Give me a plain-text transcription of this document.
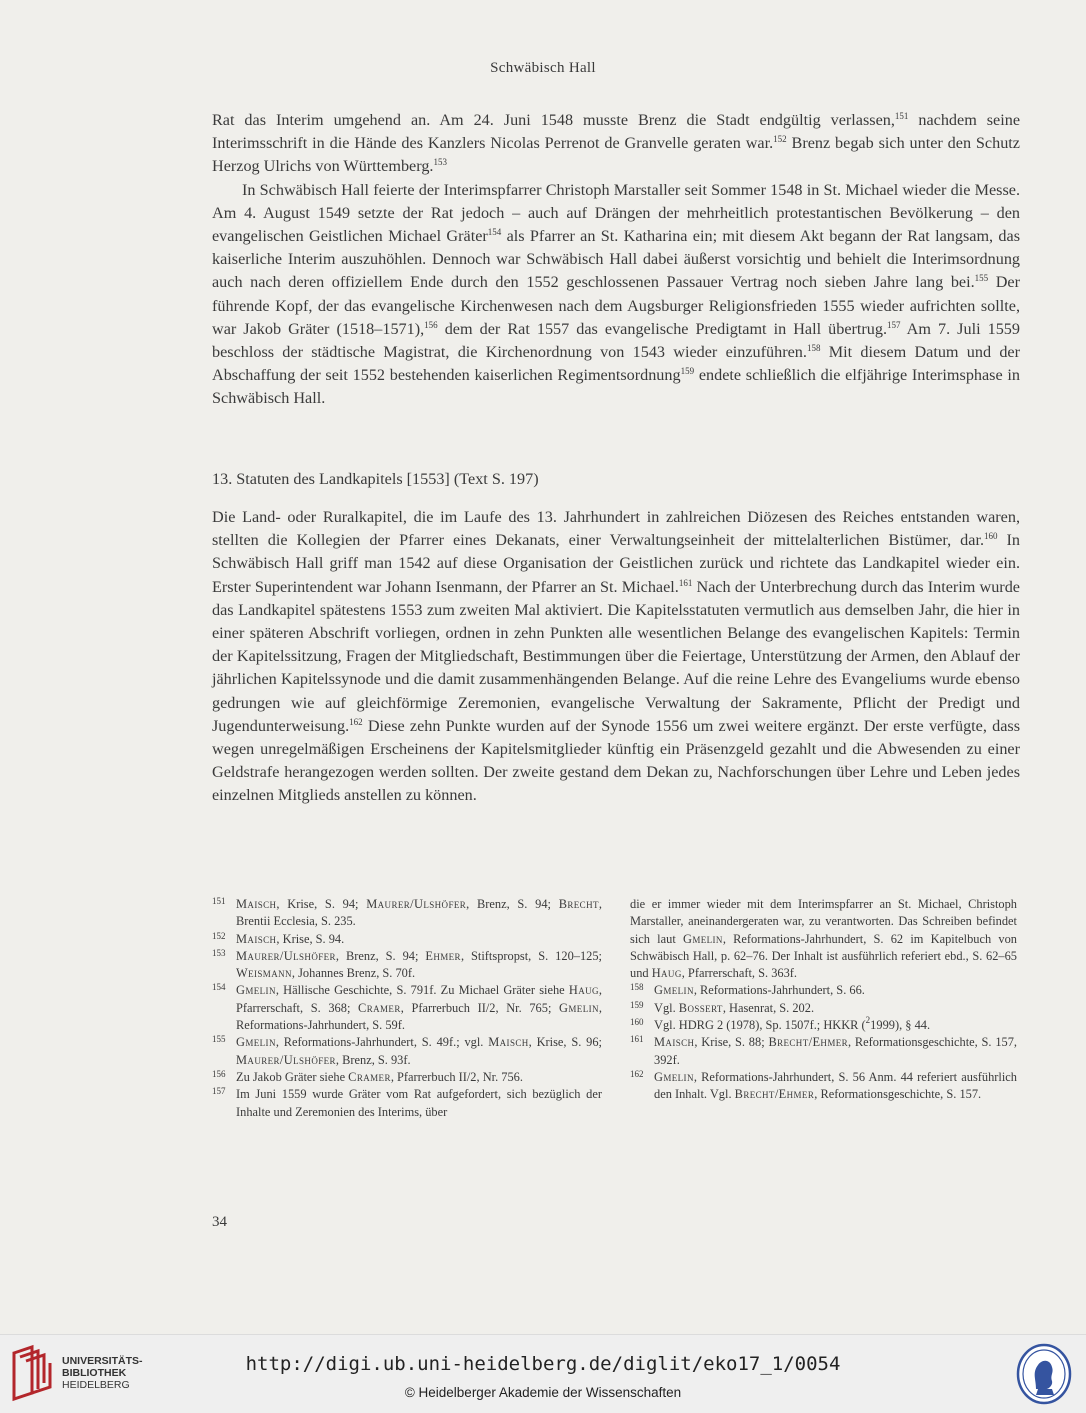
Schwäbisch Hall

Rat das Interim umgehend an. Am 24. Juni 1548 musste Brenz die Stadt endgültig verlassen,$^{151}$ nachdem seine Interimsschrift in die Hände des Kanzlers Nicolas Perrenot de Granvelle geraten war.$^{152}$ Brenz begab sich unter den Schutz Herzog Ulrichs von Württemberg.$^{153}$

In Schwäbisch Hall feierte der Interimspfarrer Christoph Marstaller seit Sommer 1548 in St. Michael wieder die Messe. Am 4. August 1549 setzte der Rat jedoch – auch auf Drängen der mehrheitlich protestantischen Bevölkerung – den evangelischen Geistlichen Michael Gräter$^{154}$ als Pfarrer an St. Katharina ein; mit diesem Akt begann der Rat langsam, das kaiserliche Interim auszuhöhlen. Dennoch war Schwäbisch Hall dabei äußerst vorsichtig und behielt die Interimsordnung auch nach deren offiziellem Ende durch den 1552 geschlossenen Passauer Vertrag noch sieben Jahre lang bei.$^{155}$ Der führende Kopf, der das evangelische Kirchenwesen nach dem Augsburger Religionsfrieden 1555 wieder aufrichten sollte, war Jakob Gräter (1518–1571),$^{156}$ dem der Rat 1557 das evangelische Predigtamt in Hall übertrug.$^{157}$ Am 7. Juli 1559 beschloss der städtische Magistrat, die Kirchenordnung von 1543 wieder einzuführen.$^{158}$ Mit diesem Datum und der Abschaffung der seit 1552 bestehenden kaiserlichen Regimentsordnung$^{159}$ endete schließlich die elfjährige Interimsphase in Schwäbisch Hall.

13. Statuten des Landkapitels [1553] (Text S. 197)

Die Land- oder Ruralkapitel, die im Laufe des 13. Jahrhundert in zahlreichen Diözesen des Reiches entstanden waren, stellten die Kollegien der Pfarrer eines Dekanats, einer Verwaltungseinheit der mittelalterlichen Bistümer, dar.$^{160}$ In Schwäbisch Hall griff man 1542 auf diese Organisation der Geistlichen zurück und richtete das Landkapitel wieder ein. Erster Superintendent war Johann Isenmann, der Pfarrer an St. Michael.$^{161}$ Nach der Unterbrechung durch das Interim wurde das Landkapitel spätestens 1553 zum zweiten Mal aktiviert. Die Kapitelsstatuten vermutlich aus demselben Jahr, die hier in einer späteren Abschrift vorliegen, ordnen in zehn Punkten alle wesentlichen Belange des evangelischen Kapitels: Termin der Kapitelssitzung, Fragen der Mitgliedschaft, Bestimmungen über die Feiertage, Unterstützung der Armen, den Ablauf der jährlichen Kapitelssynode und die damit zusammenhängenden Belange. Auf die reine Lehre des Evangeliums wurde ebenso gedrungen wie auf gleichförmige Zeremonien, evangelische Verwaltung der Sakramente, Pflicht der Predigt und Jugendunterweisung.$^{162}$ Diese zehn Punkte wurden auf der Synode 1556 um zwei weitere ergänzt. Der erste verfügte, dass wegen unregelmäßigen Erscheinens der Kapitelsmitglieder künftig ein Präsenzgeld gezahlt und die Abwesenden zu einer Geldstrafe herangezogen werden sollten. Der zweite gestand dem Dekan zu, Nachforschungen über Lehre und Leben jedes einzelnen Mitglieds anstellen zu können.

151 Maisch, Krise, S. 94; Maurer/Ulshöfer, Brenz, S. 94; Brecht, Brentii Ecclesia, S. 235.

152 Maisch, Krise, S. 94.

153 Maurer/Ulshöfer, Brenz, S. 94; Ehmer, Stiftspropst, S. 120–125; Weismann, Johannes Brenz, S. 70f.

154 Gmelin, Hällische Geschichte, S. 791f. Zu Michael Gräter siehe Haug, Pfarrerschaft, S. 368; Cramer, Pfarrerbuch II/2, Nr. 765; Gmelin, Reformations-Jahrhundert, S. 59f.

155 Gmelin, Reformations-Jahrhundert, S. 49f.; vgl. Maisch, Krise, S. 96; Maurer/Ulshöfer, Brenz, S. 93f.

156 Zu Jakob Gräter siehe Cramer, Pfarrerbuch II/2, Nr. 756.

157 Im Juni 1559 wurde Gräter vom Rat aufgefordert, sich bezüglich der Inhalte und Zeremonien des Interims, über

die er immer wieder mit dem Interimspfarrer an St. Michael, Christoph Marstaller, aneinandergeraten war, zu verantworten. Das Schreiben befindet sich laut Gmelin, Reformations-Jahrhundert, S. 62 im Kapitelbuch von Schwäbisch Hall, p. 62–76. Der Inhalt ist ausführlich referiert ebd., S. 62–65 und Haug, Pfarrerschaft, S. 363f.

158 Gmelin, Reformations-Jahrhundert, S. 66.

159 Vgl. Bossert, Hasenrat, S. 202.

160 Vgl. HDRG 2 (1978), Sp. 1507f.; HKKR ($^2$1999), § 44.

161 Maisch, Krise, S. 88; Brecht/Ehmer, Reformationsgeschichte, S. 157, 392f.

162 Gmelin, Reformations-Jahrhundert, S. 56 Anm. 44 referiert ausführlich den Inhalt. Vgl. Brecht/Ehmer, Reformationsgeschichte, S. 157.

34
UNIVERSITÄTS-
BIBLIOTHEK
HEIDELBERG
http://digi.ub.uni-heidelberg.de/diglit/eko17_1/0054
© Heidelberger Akademie der Wissenschaften
